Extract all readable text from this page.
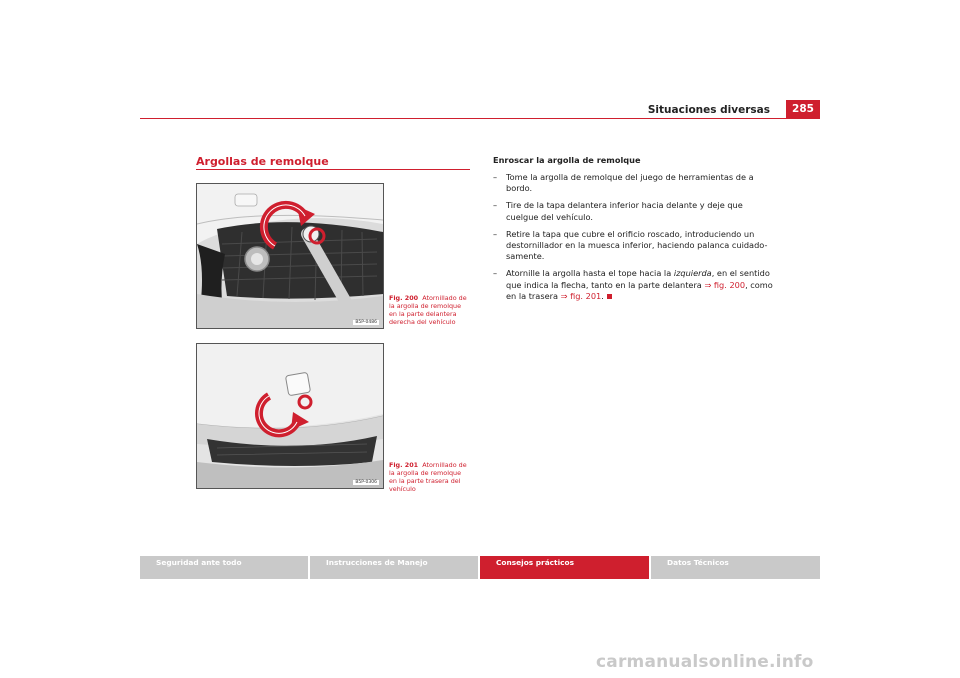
Situaciones diversas	285
Argollas de remolque
B5P-0486
Fig. 200 Atornillado de la argolla de remolque en la parte delantera derecha del vehículo
B5P-0306
Fig. 201 Atornillado de la argolla de remolque en la parte trasera del vehículo
Enroscar la argolla de remolque
– Tome la argolla de remolque del juego de herramientas de a bordo.
– Tire de la tapa delantera inferior hacia delante y deje que cuelgue del vehículo.
– Retire la tapa que cubre el orificio roscado, introduciendo un destornillador en la muesca inferior, haciendo palanca cuidado-samente.
– Atornille la argolla hasta el tope hacia la izquierda, en el sentido que indica la flecha, tanto en la parte delantera ⇒ fig. 200, como en la trasera ⇒ fig. 201.
Seguridad ante todo	Instrucciones de Manejo	Consejos prácticos	Datos Técnicos
carmanualsonline.info
